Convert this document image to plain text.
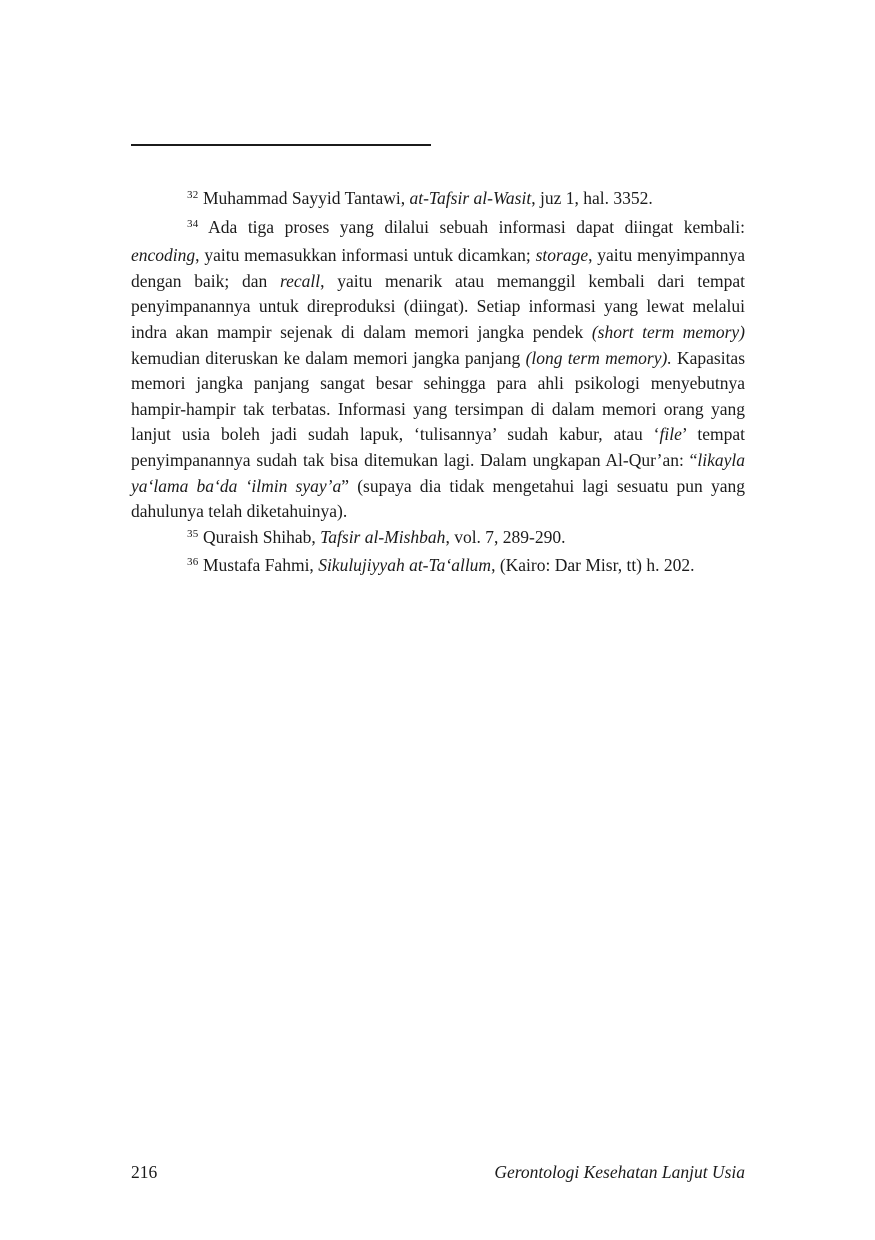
$^{32}$ Muhammad Sayyid Tantawi, at-Tafsir al-Wasit, juz 1, hal. 3352.

$^{34}$ Ada tiga proses yang dilalui sebuah informasi dapat diingat kembali: encoding, yaitu memasukkan informasi untuk dicamkan; storage, yaitu menyimpannya dengan baik; dan recall, yaitu menarik atau memanggil kembali dari tempat penyimpanannya untuk direproduksi (diingat). Setiap informasi yang lewat melalui indra akan mampir sejenak di dalam memori jangka pendek (short term memory) kemudian diteruskan ke dalam memori jangka panjang (long term memory). Kapasitas memori jangka panjang sangat besar sehingga para ahli psikologi menyebutnya hampir-hampir tak terbatas. Informasi yang tersimpan di dalam memori orang yang lanjut usia boleh jadi sudah lapuk, ‘tulisannya’ sudah kabur, atau ‘file’ tempat penyimpanannya sudah tak bisa ditemukan lagi. Dalam ungkapan Al-Qur’an: “likayla ya‘lama ba‘da ‘ilmin syay’a” (supaya dia tidak mengetahui lagi sesuatu pun yang dahulunya telah diketahuinya).

$^{35}$ Quraish Shihab, Tafsir al-Mishbah, vol. 7, 289-290.

$^{36}$ Mustafa Fahmi, Sikulujiyyah at-Ta‘allum, (Kairo: Dar Misr, tt) h. 202.

216	Gerontologi Kesehatan Lanjut Usia
